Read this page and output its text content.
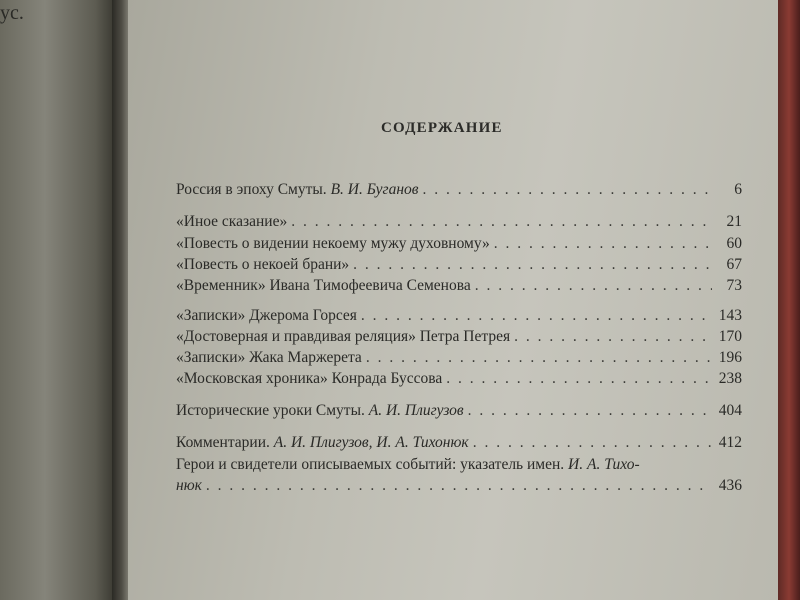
ус.
СОДЕРЖАНИЕ
Россия в эпоху Смуты. В. И. Буганов . . .	6
«Иное сказание» . . .	21
«Повесть о видении некоему мужу духовному» . . .	60
«Повесть о некоей брани» . . .	67
«Временник» Ивана Тимофеевича Семенова . . .	73
«Записки» Джерома Горсея . . .	143
«Достоверная и правдивая реляция» Петра Петрея . . .	170
«Записки» Жака Маржерета . . .	196
«Московская хроника» Конрада Буссова . . .	238
Исторические уроки Смуты. А. И. Плигузов . . .	404
Комментарии. А. И. Плигузов, И. А. Тихонюк . . .	412
Герои и свидетели описываемых событий: указатель имен. И. А. Тихо-
нюк . . .	436
